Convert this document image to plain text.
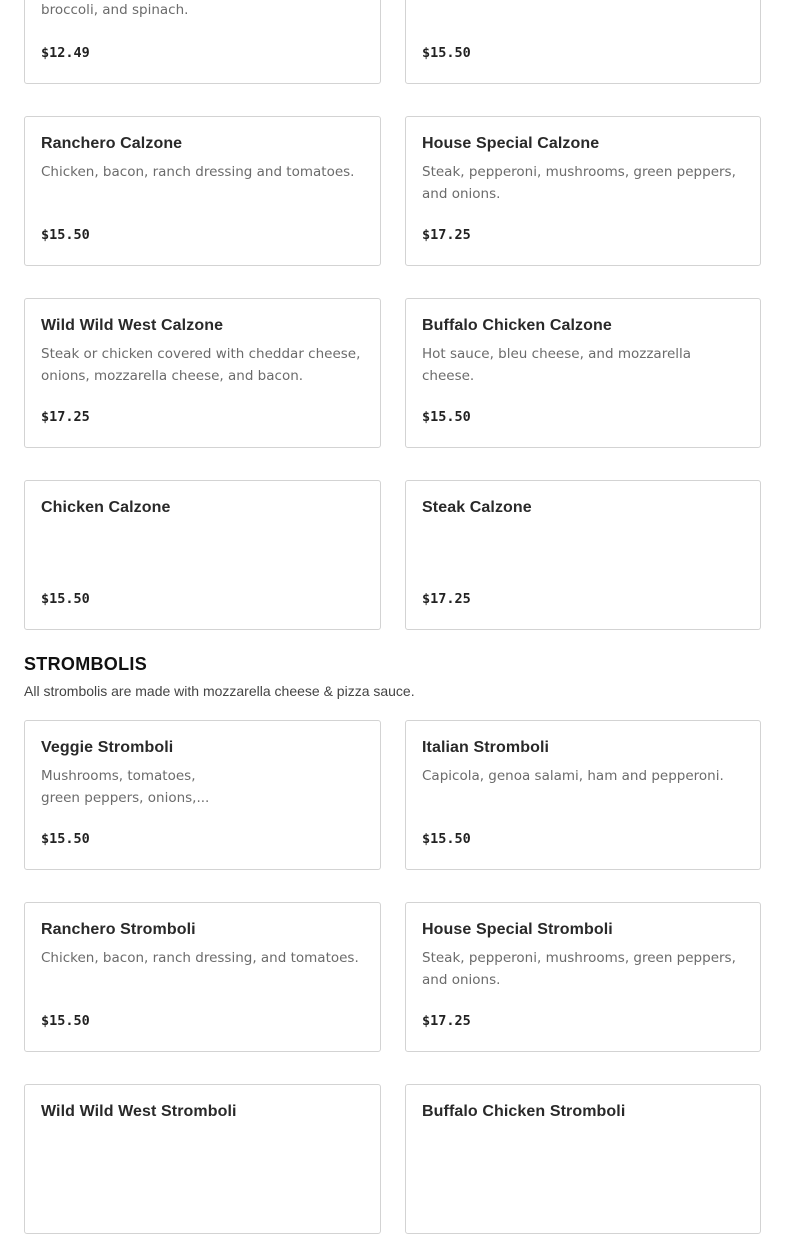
broccoli, and spinach.
$12.49	$15.50
Ranchero Calzone
Chicken, bacon, ranch dressing and tomatoes.
$15.50
House Special Calzone
Steak, pepperoni, mushrooms, green peppers, and onions.
$17.25
Wild Wild West Calzone
Steak or chicken covered with cheddar cheese, onions, mozzarella cheese, and bacon.
$17.25
Buffalo Chicken Calzone
Hot sauce, bleu cheese, and mozzarella cheese.
$15.50
Chicken Calzone
$15.50
Steak Calzone
$17.25
STROMBOLIS

All strombolis are made with mozzarella cheese & pizza sauce.

Veggie Stromboli
Mushrooms, tomatoes,
green peppers, onions,...
$15.50
Italian Stromboli
Capicola, genoa salami, ham and pepperoni.
$15.50
Ranchero Stromboli
Chicken, bacon, ranch dressing, and tomatoes.
$15.50
House Special Stromboli
Steak, pepperoni, mushrooms, green peppers, and onions.
$17.25
Wild Wild West Stromboli	Buffalo Chicken Stromboli
